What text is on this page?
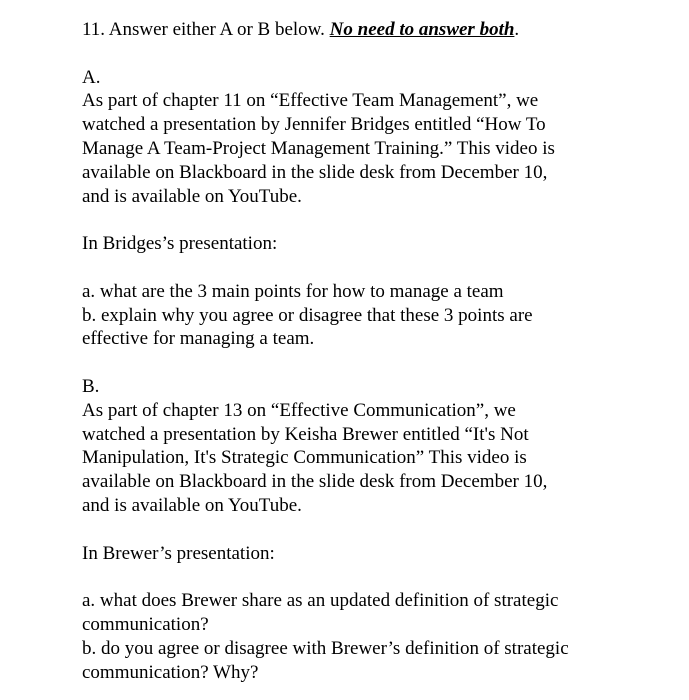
11. Answer either A or B below. No need to answer both.
A.
As part of chapter 11 on “Effective Team Management”, we
watched a presentation by Jennifer Bridges entitled “How To
Manage A Team-Project Management Training.” This video is
available on Blackboard in the slide desk from December 10,
and is available on YouTube.
In Bridges’s presentation:
a. what are the 3 main points for how to manage a team
b. explain why you agree or disagree that these 3 points are
effective for managing a team.
B.
As part of chapter 13 on “Effective Communication”, we
watched a presentation by Keisha Brewer entitled “It's Not
Manipulation, It's Strategic Communication” This video is
available on Blackboard in the slide desk from December 10,
and is available on YouTube.
In Brewer’s presentation:
a. what does Brewer share as an updated definition of strategic
communication?
b. do you agree or disagree with Brewer’s definition of strategic
communication? Why?
